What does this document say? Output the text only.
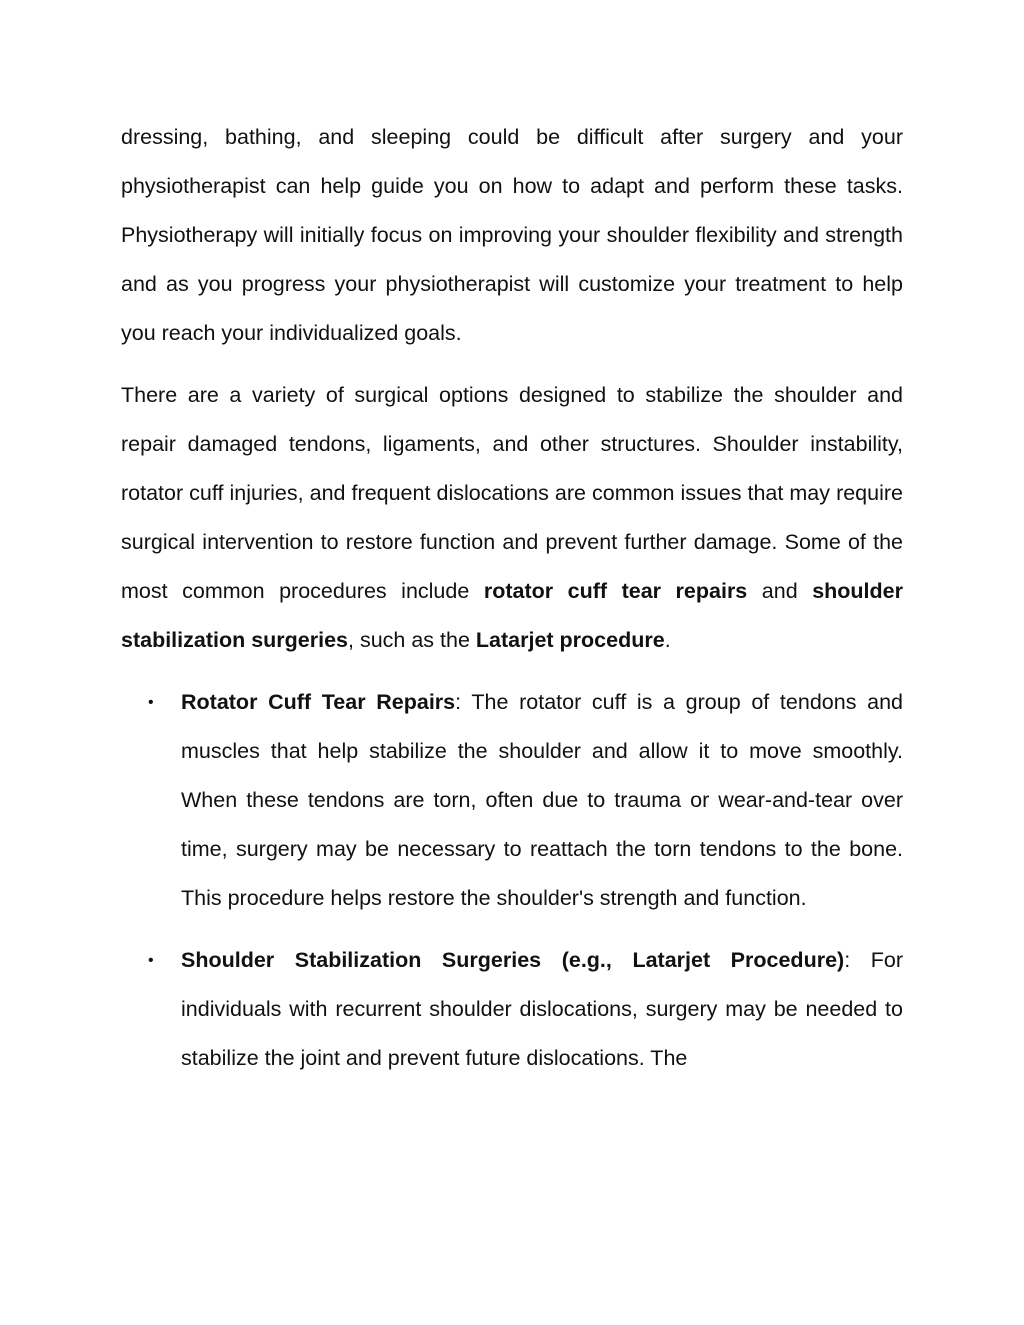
dressing, bathing, and sleeping could be difficult after surgery and your physiotherapist can help guide you on how to adapt and perform these tasks. Physiotherapy will initially focus on improving your shoulder flexibility and strength and as you progress your physiotherapist will customize your treatment to help you reach your individualized goals.

There are a variety of surgical options designed to stabilize the shoulder and repair damaged tendons, ligaments, and other structures. Shoulder instability, rotator cuff injuries, and frequent dislocations are common issues that may require surgical intervention to restore function and prevent further damage. Some of the most common procedures include rotator cuff tear repairs and shoulder stabilization surgeries, such as the Latarjet procedure.

• Rotator Cuff Tear Repairs: The rotator cuff is a group of tendons and muscles that help stabilize the shoulder and allow it to move smoothly. When these tendons are torn, often due to trauma or wear-and-tear over time, surgery may be necessary to reattach the torn tendons to the bone. This procedure helps restore the shoulder's strength and function.
• Shoulder Stabilization Surgeries (e.g., Latarjet Procedure): For individuals with recurrent shoulder dislocations, surgery may be needed to stabilize the joint and prevent future dislocations. The
